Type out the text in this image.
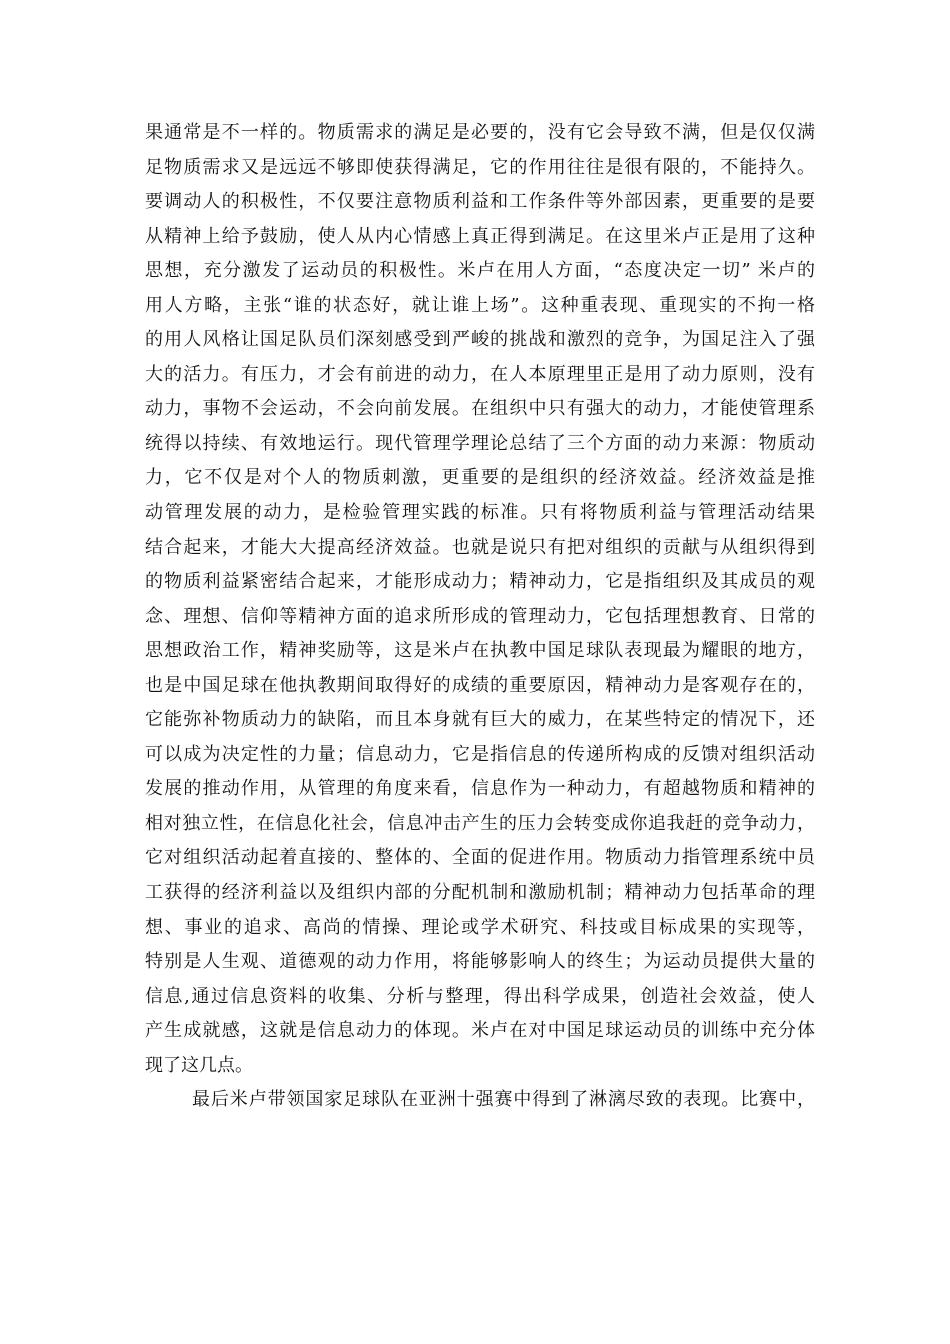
果通常是不一样的。物质需求的满足是必要的，没有它会导致不满，但是仅仅满
足物质需求又是远远不够即使获得满足，它的作用往往是很有限的，不能持久。
要调动人的积极性，不仅要注意物质利益和工作条件等外部因素，更重要的是要
从精神上给予鼓励，使人从内心情感上真正得到满足。在这里米卢正是用了这种
思想，充分激发了运动员的积极性。米卢在用人方面，“态度决定一切” 米卢的
用人方略，主张“谁的状态好，就让谁上场”。这种重表现、重现实的不拘一格
的用人风格让国足队员们深刻感受到严峻的挑战和激烈的竞争，为国足注入了强
大的活力。有压力，才会有前进的动力，在人本原理里正是用了动力原则，没有
动力，事物不会运动，不会向前发展。在组织中只有强大的动力，才能使管理系
统得以持续、有效地运行。现代管理学理论总结了三个方面的动力来源：物质动
力，它不仅是对个人的物质刺激，更重要的是组织的经济效益。经济效益是推
动管理发展的动力，是检验管理实践的标准。只有将物质利益与管理活动结果
结合起来，才能大大提高经济效益。也就是说只有把对组织的贡献与从组织得到
的物质利益紧密结合起来，才能形成动力；精神动力，它是指组织及其成员的观
念、理想、信仰等精神方面的追求所形成的管理动力，它包括理想教育、日常的
思想政治工作，精神奖励等，这是米卢在执教中国足球队表现最为耀眼的地方，
也是中国足球在他执教期间取得好的成绩的重要原因，精神动力是客观存在的，
它能弥补物质动力的缺陷，而且本身就有巨大的威力，在某些特定的情况下，还
可以成为决定性的力量；信息动力，它是指信息的传递所构成的反馈对组织活动
发展的推动作用，从管理的角度来看，信息作为一种动力，有超越物质和精神的
相对独立性，在信息化社会，信息冲击产生的压力会转变成你追我赶的竞争动力，
它对组织活动起着直接的、整体的、全面的促进作用。物质动力指管理系统中员
工获得的经济利益以及组织内部的分配机制和激励机制；精神动力包括革命的理
想、事业的追求、高尚的情操、理论或学术研究、科技或目标成果的实现等，
特别是人生观、道德观的动力作用，将能够影响人的终生；为运动员提供大量的
信息,通过信息资料的收集、分析与整理，得出科学成果，创造社会效益，使人
产生成就感，这就是信息动力的体现。米卢在对中国足球运动员的训练中充分体
现了这几点。
最后米卢带领国家足球队在亚洲十强赛中得到了淋漓尽致的表现。比赛中，
